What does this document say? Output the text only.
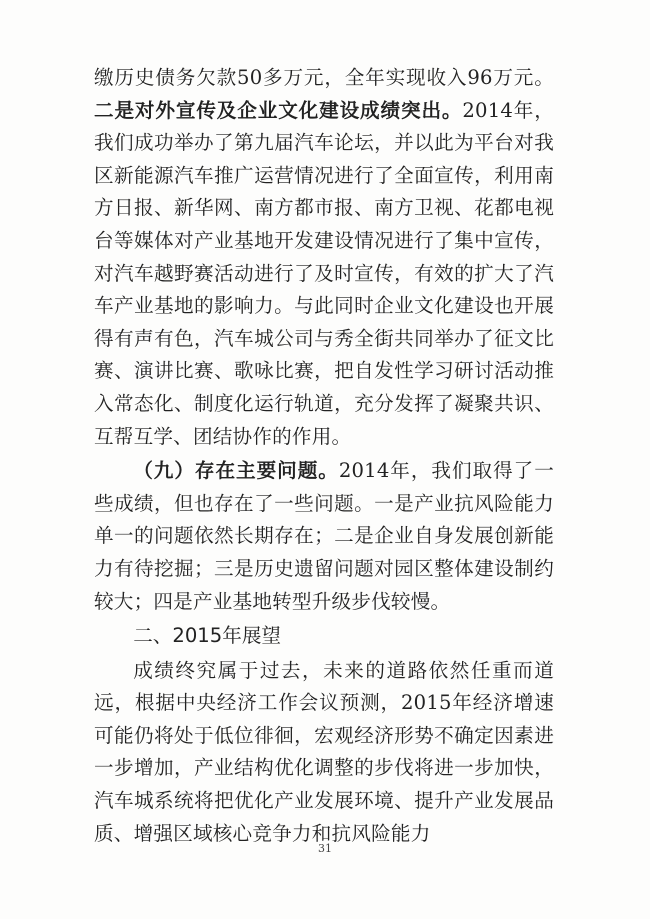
缴历史债务欠款50多万元，全年实现收入96万元。二是对外宣传及企业文化建设成绩突出。2014年，我们成功举办了第九届汽车论坛，并以此为平台对我区新能源汽车推广运营情况进行了全面宣传，利用南方日报、新华网、南方都市报、南方卫视、花都电视台等媒体对产业基地开发建设情况进行了集中宣传，对汽车越野赛活动进行了及时宣传，有效的扩大了汽车产业基地的影响力。与此同时企业文化建设也开展得有声有色，汽车城公司与秀全街共同举办了征文比赛、演讲比赛、歌咏比赛，把自发性学习研讨活动推入常态化、制度化运行轨道，充分发挥了凝聚共识、互帮互学、团结协作的作用。

（九）存在主要问题。2014年，我们取得了一些成绩，但也存在了一些问题。一是产业抗风险能力单一的问题依然长期存在；二是企业自身发展创新能力有待挖掘；三是历史遗留问题对园区整体建设制约较大；四是产业基地转型升级步伐较慢。

二、2015年展望

成绩终究属于过去，未来的道路依然任重而道远，根据中央经济工作会议预测，2015年经济增速可能仍将处于低位徘徊，宏观经济形势不确定因素进一步增加，产业结构优化调整的步伐将进一步加快，汽车城系统将把优化产业发展环境、提升产业发展品质、增强区域核心竞争力和抗风险能力

31
